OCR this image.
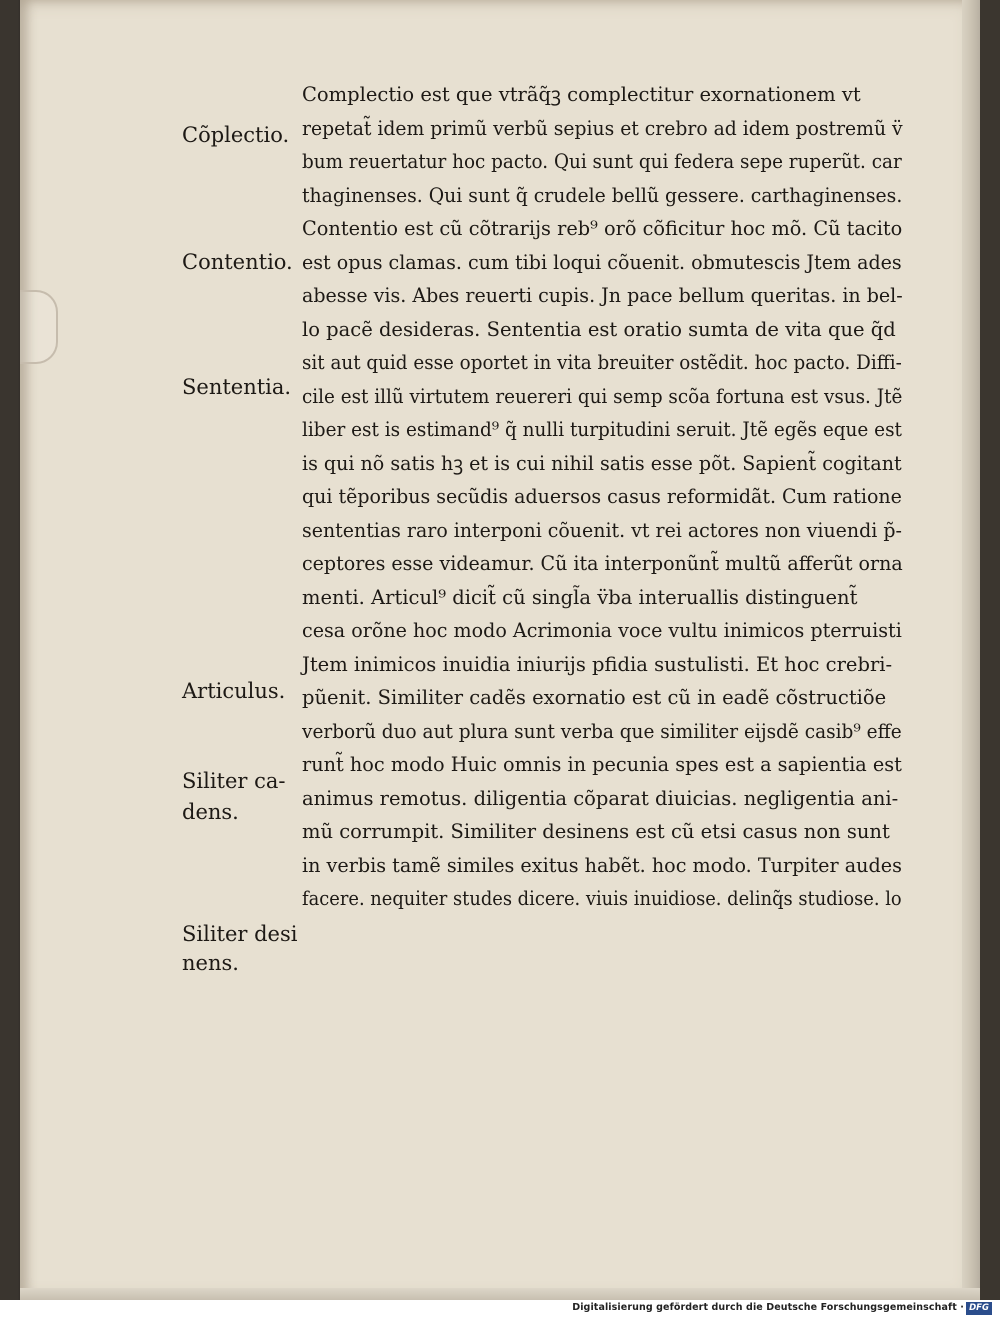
Cõplectio.
Contentio.
Sententia.
Articulus.
Siliter ca-
dens.
Siliter desi
nens.
Complectio est que vtrãq̃ꝫ complectitur exornationem vt
repetat̃ idem primũ verbũ sepius et crebro ad idem postremũ v̈
bum reuertatur hoc pacto. Qui sunt qui federa sepe ruperũt. car
thaginenses. Qui sunt q̃ crudele bellũ gessere. carthaginenses.
Contentio est cũ cõtrarijs reb⁹ orõ cõficitur hoc mõ. Cũ tacito
est opus clamas. cum tibi loqui cõuenit. obmutescis Jtem ades
abesse vis. Abes reuerti cupis. Jn pace bellum queritas. in bel-
lo pacẽ desideras. Sententia est oratio sumta de vita que q̃d
sit aut quid esse oportet in vita breuiter ostẽdit. hoc pacto. Diffi-
cile est illũ virtutem reuereri qui semp scõa fortuna est vsus. Jtẽ
liber est is estimand⁹ q̃ nulli turpitudini seruit. Jtẽ egẽs eque est
is qui nõ satis hꝫ et is cui nihil satis esse põt. Sapient̃ cogitant
qui tẽporibus secũdis aduersos casus reformidãt. Cum ratione
sententias raro interponi cõuenit. vt rei actores non viuendi p̃-
ceptores esse videamur. Cũ ita interponũnt̃ multũ afferũt orna
menti. Articul⁹ dicit̃ cũ singl̃a v̈ba interuallis distinguent̃
cesa orõne hoc modo Acrimonia voce vultu inimicos pterruisti
Jtem inimicos inuidia iniurijs pfidia sustulisti. Et hoc crebri-
pũenit. Similiter cadẽs exornatio est cũ in eadẽ cõstructiõe
verborũ duo aut plura sunt verba que similiter eijsdẽ casib⁹ effe
runt̃ hoc modo Huic omnis in pecunia spes est a sapientia est
animus remotus. diligentia cõparat diuicias. negligentia ani-
mũ corrumpit. Similiter desinens est cũ etsi casus non sunt
in verbis tamẽ similes exitus habẽt. hoc modo. Turpiter audes
facere. nequiter studes dicere. viuis inuidiose. delinq̃s studiose. lo
Digitalisierung gefördert durch die Deutsche Forschungsgemeinschaft · DFG
